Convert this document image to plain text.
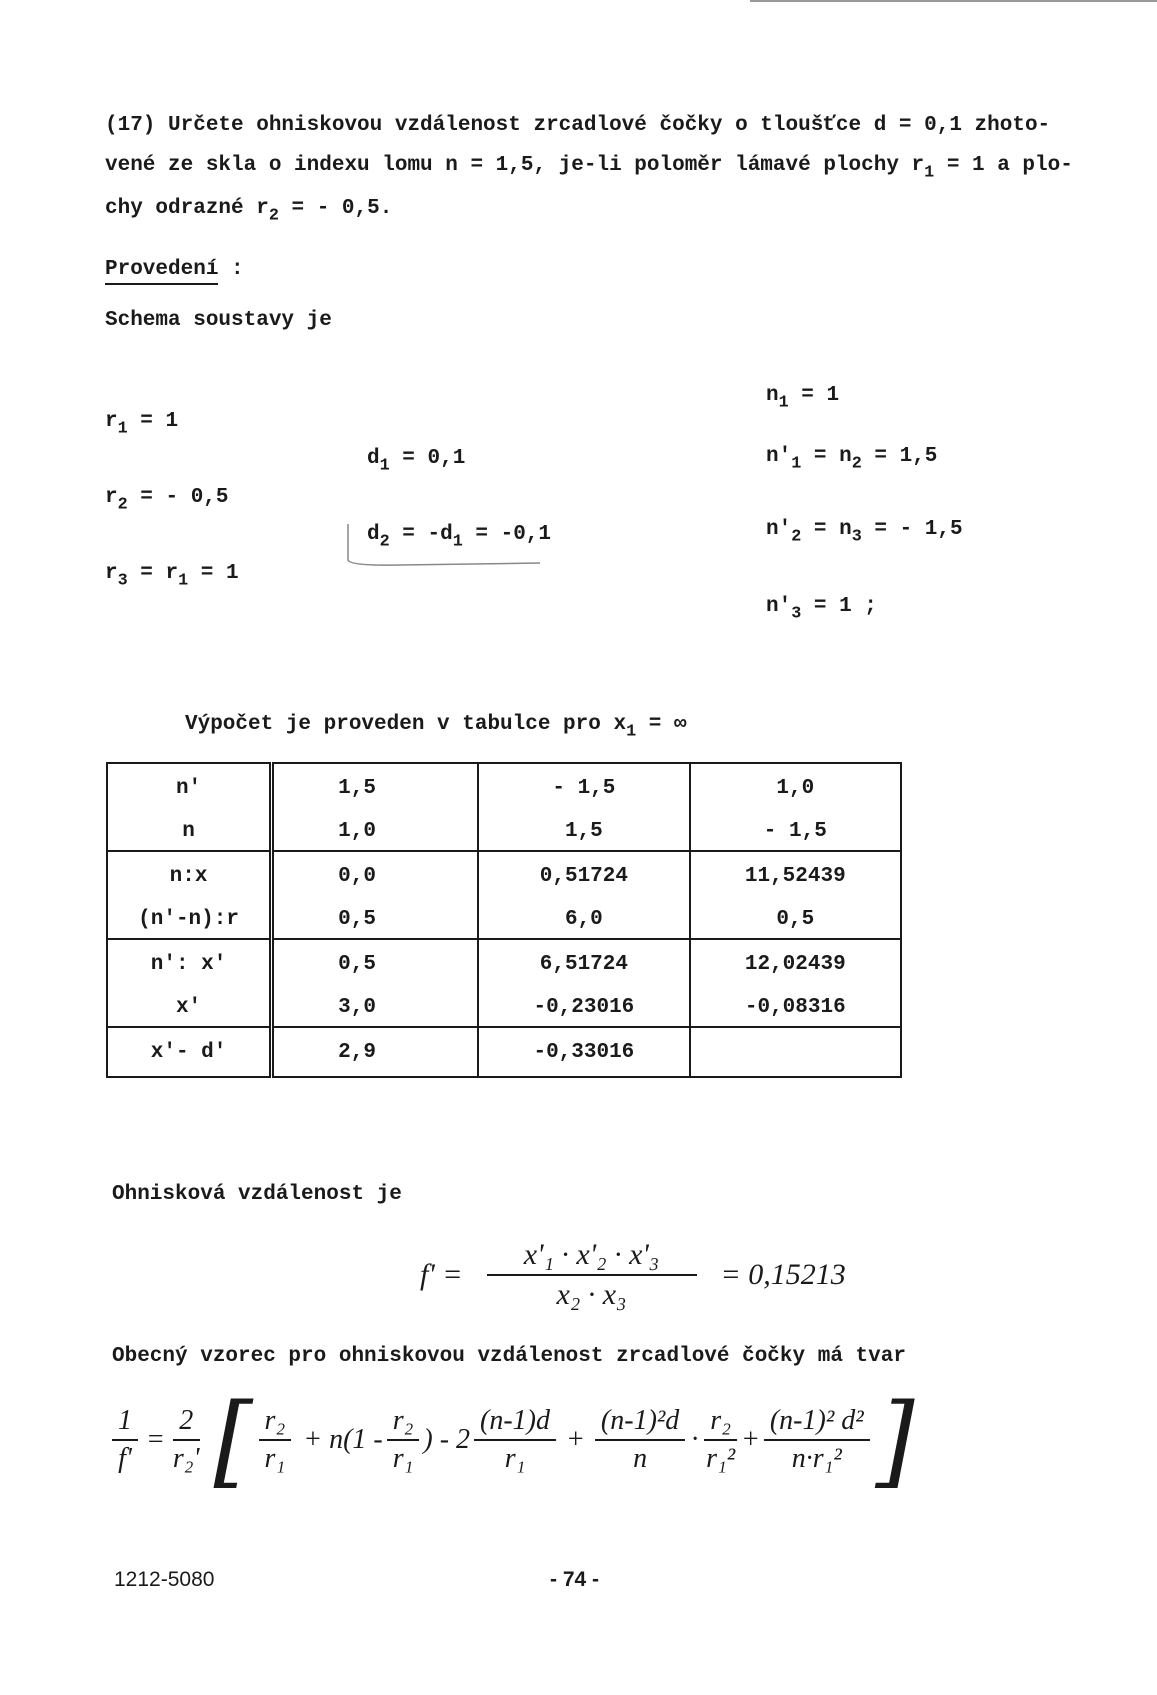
(17) Určete ohniskovou vzdálenost zrcadlové čočky o tloušťce d = 0,1 zhoto-
vené ze skla o indexu lomu n = 1,5, je-li poloměr lámavé plochy $r_1 = 1$ a plo-
chy odrazné $r_2$ = - 0,5.
Provedení :
Schema soustavy je
$r_1 = 1$
$r_2$ = - 0,5
$r_3 = r_1 = 1$
$d_1 = 0,1$
$d_2 = -d_1 = -0,1$
$n_1 = 1$
$n'_1 = n_2 = 1,5$
$n'_2 = n_3$ = - 1,5
$n'_3 = 1$ ;
Výpočet je proveden v tabulce pro $x_1$ = ∞
n'	1,5	- 1,5	1,0
n	1,0	1,5	- 1,5
n:x	0,0	0,51724	11,52439
(n'-n):r	0,5	6,0	0,5
n': x'	0,5	6,51724	12,02439
x'	3,0	-0,23016	-0,08316
x'- d'	2,9	-0,33016	
Ohnisková vzdálenost je
$f' = \frac{\text{x'₁ · x'₂ · x'₃}}{\text{x₂ · x₃}} = 0,15213$
Obecný vzorec pro ohniskovou vzdálenost zrcadlové čočky má tvar
$\frac{1}{f'} = \frac{2}{\text{r₂'}}$ [ $\frac{\text{r₂}}{\text{r₁}} + n(1 - \frac{\text{r₂}}{\text{r₁}}$ ) - $2 \frac{(n-1)d}{\text{r₁}} + \frac{\text{(n-1)²d}}{n} \cdot \frac{\text{r₂}}{\text{r₁²}} + \frac{\text{(n-1)² d²}}{\text{n·r₁²}}$ ]
1212-5080	- 74 -
